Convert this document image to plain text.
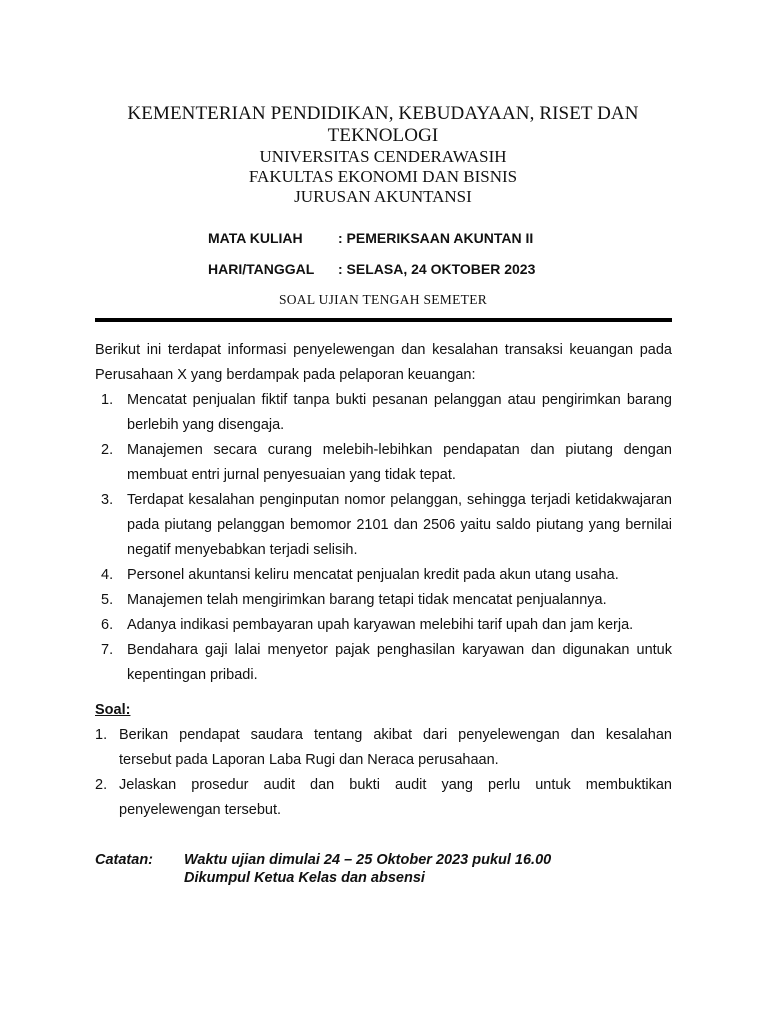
KEMENTERIAN PENDIDIKAN, KEBUDAYAAN, RISET DAN TEKNOLOGI
UNIVERSITAS CENDERAWASIH
FAKULTAS EKONOMI DAN BISNIS
JURUSAN AKUNTANSI
MATA KULIAH	: PEMERIKSAAN AKUNTAN II
HARI/TANGGAL : SELASA, 24 OKTOBER 2023
SOAL UJIAN TENGAH SEMETER
Berikut ini terdapat informasi penyelewengan dan kesalahan transaksi keuangan pada Perusahaan X yang berdampak pada pelaporan keuangan:
1. Mencatat penjualan fiktif tanpa bukti pesanan pelanggan atau pengirimkan barang berlebih yang disengaja.
2. Manajemen secara curang melebih-lebihkan pendapatan dan piutang dengan membuat entri jurnal penyesuaian yang tidak tepat.
3. Terdapat kesalahan penginputan nomor pelanggan, sehingga terjadi ketidakwajaran pada piutang pelanggan bemomor 2101 dan 2506 yaitu saldo piutang yang bernilai negatif menyebabkan terjadi selisih.
4. Personel akuntansi keliru mencatat penjualan kredit pada akun utang usaha.
5. Manajemen telah mengirimkan barang tetapi tidak mencatat penjualannya.
6. Adanya indikasi pembayaran upah karyawan melebihi tarif upah dan jam kerja.
7. Bendahara gaji lalai menyetor pajak penghasilan karyawan dan digunakan untuk kepentingan pribadi.
Soal:
1. Berikan pendapat saudara tentang akibat dari penyelewengan dan kesalahan tersebut pada Laporan Laba Rugi dan Neraca perusahaan.
2. Jelaskan prosedur audit dan bukti audit yang perlu untuk membuktikan penyelewengan tersebut.
Catatan:	Waktu ujian dimulai 24 – 25 Oktober 2023 pukul 16.00
Dikumpul Ketua Kelas dan absensi
